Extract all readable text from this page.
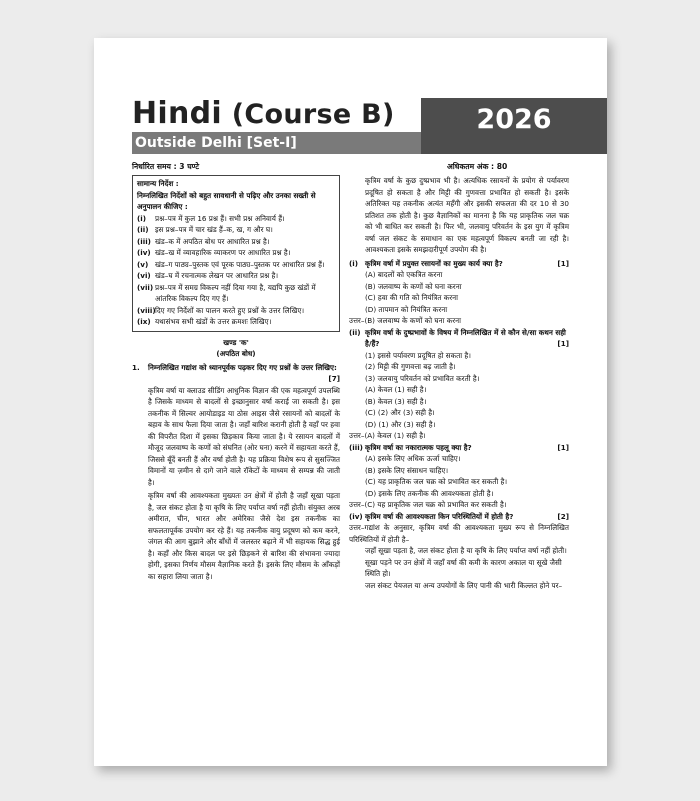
Hindi (Course B)
Outside Delhi [Set-I]
2026
निर्धारित समय : 3 घण्टे	अधिकतम अंक : 80

सामान्य निर्देश :

निम्नलिखित निर्देशों को बहुत सावधानी से पढ़िए और उनका सख्ती से अनुपालन कीजिए :

(i)	प्रश्न–पत्र में कुल 16 प्रश्न हैं। सभी प्रश्न अनिवार्य हैं।
(ii) इस प्रश्न–पत्र में चार खंड हैं–क, ख, ग और घ।
(iii) खंड–क में अपठित बोध पर आधारित प्रश्न है।
(iv) खंड–ख में व्यावहारिक व्याकरण पर आधारित प्रश्न है।
(v) खंड–ग पाठ्य–पुस्तक एवं पूरक पाठ्य–पुस्तक पर आधारित प्रश्न हैं।
(vi) खंड–घ में रचनात्मक लेखन पर आधारित प्रश्न है।
(vii) प्रश्न–पत्र में समग्र विकल्प नहीं दिया गया है, यद्यपि कुछ खंडों में आंतरिक विकल्प दिए गए हैं।
(viii) दिए गए निर्देशों का पालन करते हुए प्रश्नों के उत्तर लिखिए।
(ix) यथासंभव सभी खंडों के उत्तर क्रमशः लिखिए।

खण्ड 'क'

(अपठित बोध)

1.	निम्नलिखित गद्यांश को ध्यानपूर्वक पढ़कर दिए गए प्रश्नों के उत्तर लिखिए:
[7]

कृत्रिम वर्षा या क्लाउड सीडिंग आधुनिक विज्ञान की एक महत्वपूर्ण उपलब्धि है जिसके माध्यम से बादलों से इच्छानुसार वर्षा कराई जा सकती है। इस तकनीक में सिल्वर आयोडाइड या ठोस आइस जैसे रसायनों को बादलों के बहाव के साथ फैला दिया जाता है। जहाँ बारिश करानी होती है वहाँ पर हवा की विपरीत दिशा में इसका छिड़काव किया जाता है। ये रसायन बादलों में मौजूद जलवाष्प के कणों को संघनित (ओर घना) करने में सहायता करते हैं, जिससे बूँदें बनती हैं और वर्षा होती है। यह प्रक्रिया विशेष रूप से सुसज्जित विमानों या ज़मीन से दागे जाने वाले रॉकेटों के माध्यम से सम्पन्न की जाती है।

कृत्रिम वर्षा की आवश्यकता मुख्यतः उन क्षेत्रों में होती है जहाँ सूखा पड़ता है, जल संकट होता है या कृषि के लिए पर्याप्त वर्षा नहीं होती। संयुक्त अरब अमीरात, चीन, भारत और अमेरिका जैसे देश इस तकनीक का सफलतापूर्वक उपयोग कर रहे हैं। यह तकनीक वायु प्रदूषण को कम करने, जंगल की आग बुझाने और बाँधों में जलस्तर बढ़ाने में भी सहायक सिद्ध हुई है। कहाँ और किस बादल पर इसे छिड़कने से बारिश की संभावना ज्यादा होगी, इसका निर्णय मौसम वैज्ञानिक करते हैं। इसके लिए मौसम के आँकड़ों का सहारा लिया जाता है।

कृत्रिम वर्षा के कुछ दुष्प्रभाव भी है। अत्यधिक रसायनों के प्रयोग से पर्यावरण प्रदूषित हो सकता है और मिट्टी की गुणवत्ता प्रभावित हो सकती है। इसके अतिरिक्त यह तकनीक अत्यंत महँगी और इसकी सफलता की दर 10 से 30 प्रतिशत तक होती है। कुछ वैज्ञानिकों का मानना है कि यह प्राकृतिक जल चक्र को भी बाधित कर सकती है। फिर भी, जलवायु परिवर्तन के इस युग में कृत्रिम वर्षा जल संकट के समाधान का एक महत्वपूर्ण विकल्प बनती जा रही है। आवश्यकता इसके समझदारीपूर्ण उपयोग की है।

(i) कृत्रिम वर्षा में प्रयुक्त रसायनों का मुख्य कार्य क्या है?	[1]

(A) बादलों को एकत्रित करना

(B) जलवाष्प के कणों को घना करना

(C) हवा की गति को नियंत्रित करना

(D) तापमान को नियंत्रित करना

उत्तर–(B) जलवाष्प के कणों को घना करना

(ii) कृत्रिम वर्षा के दुष्प्रभावों के विषय में निम्नलिखित में से कौन से/सा कथन सही है/हैं?	[1]

(1) इससे पर्यावरण प्रदूषित हो सकता है।

(2) मिट्टी की गुणवत्ता बढ़ जाती है।

(3) जलवायु परिवर्तन को प्रभावित करती है।

(A) केवल (1) सही है।

(B) केवल (3) सही है।

(C) (2) और (3) सही है।

(D) (1) और (3) सही है।

उत्तर–(A) केवल (1) सही है।

(iii) कृत्रिम वर्षा का नकारात्मक पहलू क्या है?	[1]

(A) इसके लिए अधिक ऊर्जा चाहिए।

(B) इसके लिए संसाधन चाहिए।

(C) यह प्राकृतिक जल चक्र को प्रभावित कर सकती है।

(D) इसके लिए तकनीक की आवश्यकता होती है।

उत्तर–(C) यह प्राकृतिक जल चक्र को प्रभावित कर सकती है।

(iv) कृत्रिम वर्षा की आवश्यकता किन परिस्थितियों में होती है?	[2]

उत्तर–गद्यांश के अनुसार, कृत्रिम वर्षा की आवश्यकता मुख्य रूप से निम्नलिखित परिस्थितियों में होती है–

जहाँ सूखा पड़ता है, जल संकट होता है या कृषि के लिए पर्याप्त वर्षा नहीं होती।

सूखा पड़ने पर उन क्षेत्रों में जहाँ वर्षा की कमी के कारण अकाल या सूखे जैसी स्थिति हो।

जल संकट पेयजल या अन्य उपयोगों के लिए पानी की भारी किल्लत होने पर–
